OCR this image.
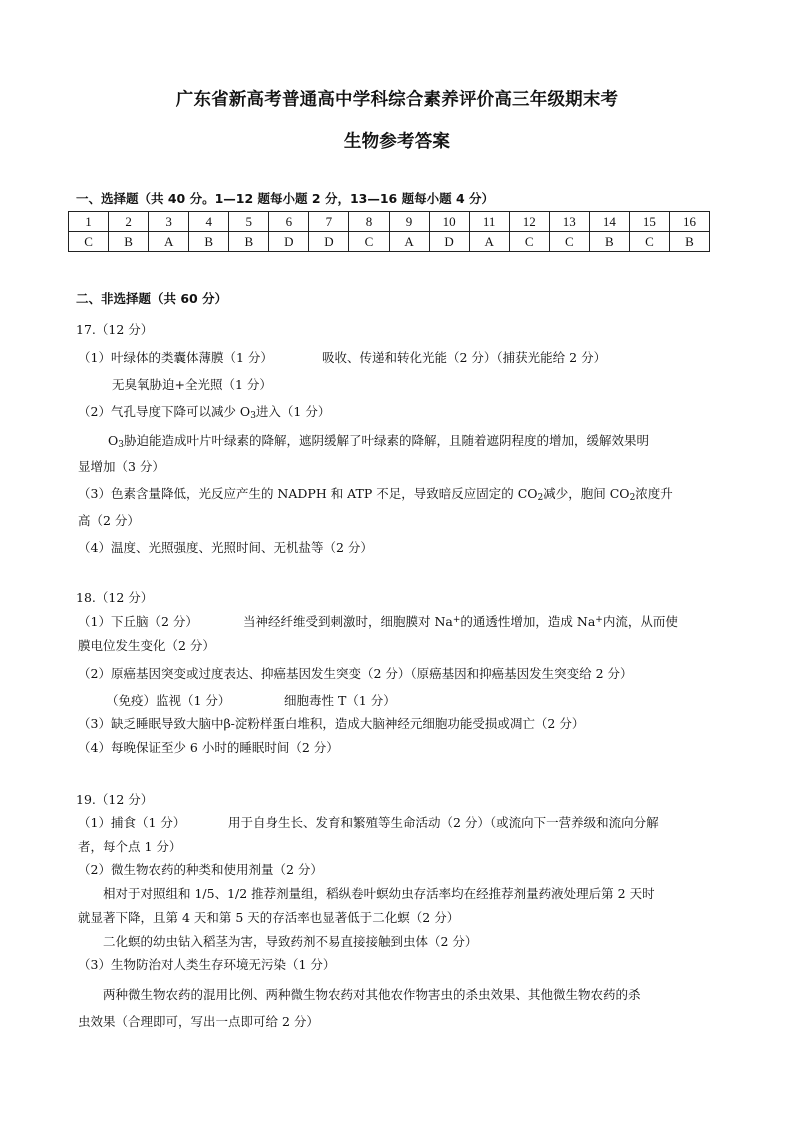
广东省新高考普通高中学科综合素养评价高三年级期末考
生物参考答案
一、选择题（共 40 分。1—12 题每小题 2 分，13—16 题每小题 4 分）
1	2	3	4	5	6	7	8	9	10	11	12	13	14	15	16
C	B	A	B	B	D	D	C	A	D	A	C	C	B	C	B
二、非选择题（共 60 分）
17.（12 分）
（1）叶绿体的类囊体薄膜（1 分）	吸收、传递和转化光能（2 分）（捕获光能给 2 分）
无臭氧胁迫+全光照（1 分）
（2）气孔导度下降可以减少 $O_3$进入（1 分）
$O_3$胁迫能造成叶片叶绿素的降解，遮阴缓解了叶绿素的降解，且随着遮阴程度的增加，缓解效果明
显增加（3 分）
（3）色素含量降低，光反应产生的 NADPH 和 ATP 不足，导致暗反应固定的 $CO_2$减少，胞间 $CO_2$浓度升
高（2 分）
（4）温度、光照强度、光照时间、无机盐等（2 分）
18.（12 分）
（1）下丘脑（2 分）	当神经纤维受到刺激时，细胞膜对 Na+的通透性增加，造成 Na+内流，从而使
膜电位发生变化（2 分）
（2）原癌基因突变或过度表达、抑癌基因发生突变（2 分）（原癌基因和抑癌基因发生突变给 2 分）
（免疫）监视（1 分）	细胞毒性 T（1 分）
（3）缺乏睡眠导致大脑中β-淀粉样蛋白堆积，造成大脑神经元细胞功能受损或凋亡（2 分）
（4）每晚保证至少 6 小时的睡眠时间（2 分）
19.（12 分）
（1）捕食（1 分）	用于自身生长、发育和繁殖等生命活动（2 分）（或流向下一营养级和流向分解
者，每个点 1 分）
（2）微生物农药的种类和使用剂量（2 分）
相对于对照组和 1/5、1/2 推荐剂量组，稻纵卷叶螟幼虫存活率均在经推荐剂量药液处理后第 2 天时
就显著下降，且第 4 天和第 5 天的存活率也显著低于二化螟（2 分）
二化螟的幼虫钻入稻茎为害，导致药剂不易直接接触到虫体（2 分）
（3）生物防治对人类生存环境无污染（1 分）
两种微生物农药的混用比例、两种微生物农药对其他农作物害虫的杀虫效果、其他微生物农药的杀
虫效果（合理即可，写出一点即可给 2 分）
